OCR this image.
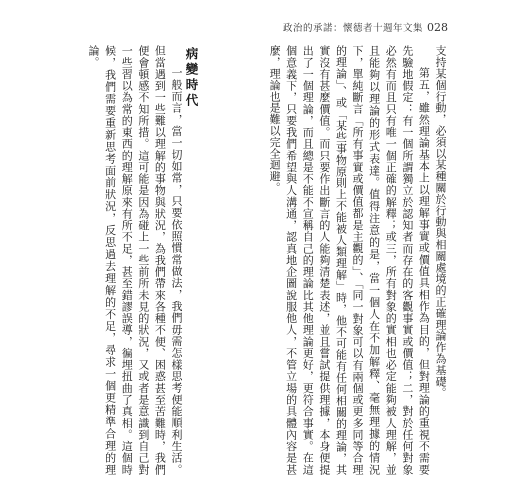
政治的承諾：懷德者十週年文集 028

支持某個行動，必須以某種關於行動與相關處境的正確理論作為基礎。

第五，雖然理論基本上以理解事實或價值具相作為目的，但對理論的重視不需要先驗地假定：有一個所謂獨立於認知者而存在的客觀事實或價值；二，對於任何對象必然有而且只有唯一個正確的解釋；或三，所有對象的實相也必定能夠被人理解，並且能夠以理論的形式表達。值得注意的是，當一個人在不加解釋、毫無理據的情況下，單純斷言「所有事實或價值都是主觀的」、「同一對象可以有兩個或更多同等合理的理論」、或「某些事物原則上不能被人類理解」時，他不可能有任何相關的理論，其實沒有甚麼價值。而只要作出斷言的人能夠清楚表述，並且嘗試提供理據，本身便提出了一個理論，而且總是不能不宣稱自己的理論比其他理論更好，更符合事實。在這個意義下，只要我們希望與人溝通，認真地企圖說服他人，不管立場的具體內容是甚麼，理論也是難以完全迴避。

病變時代

一般而言，當一切如常，只要依照慣常做法，我們毋需怎樣思考便能順利生活。但當遇到一些難以理解的事物與狀況，為我們帶來各種不便、困惑甚至苦難時，我們便會頓感不知所措。這可能是因為碰上一些前所未見的狀況，又或者是意識到自己對一些習以為常的東西的理解原來有所不足，甚至錯謬誤導，徧埋扭曲了真相。這個時候，我們需要重新思考面前狀況，反思過去理解的不足，尋求一個更精準合理的理論。
